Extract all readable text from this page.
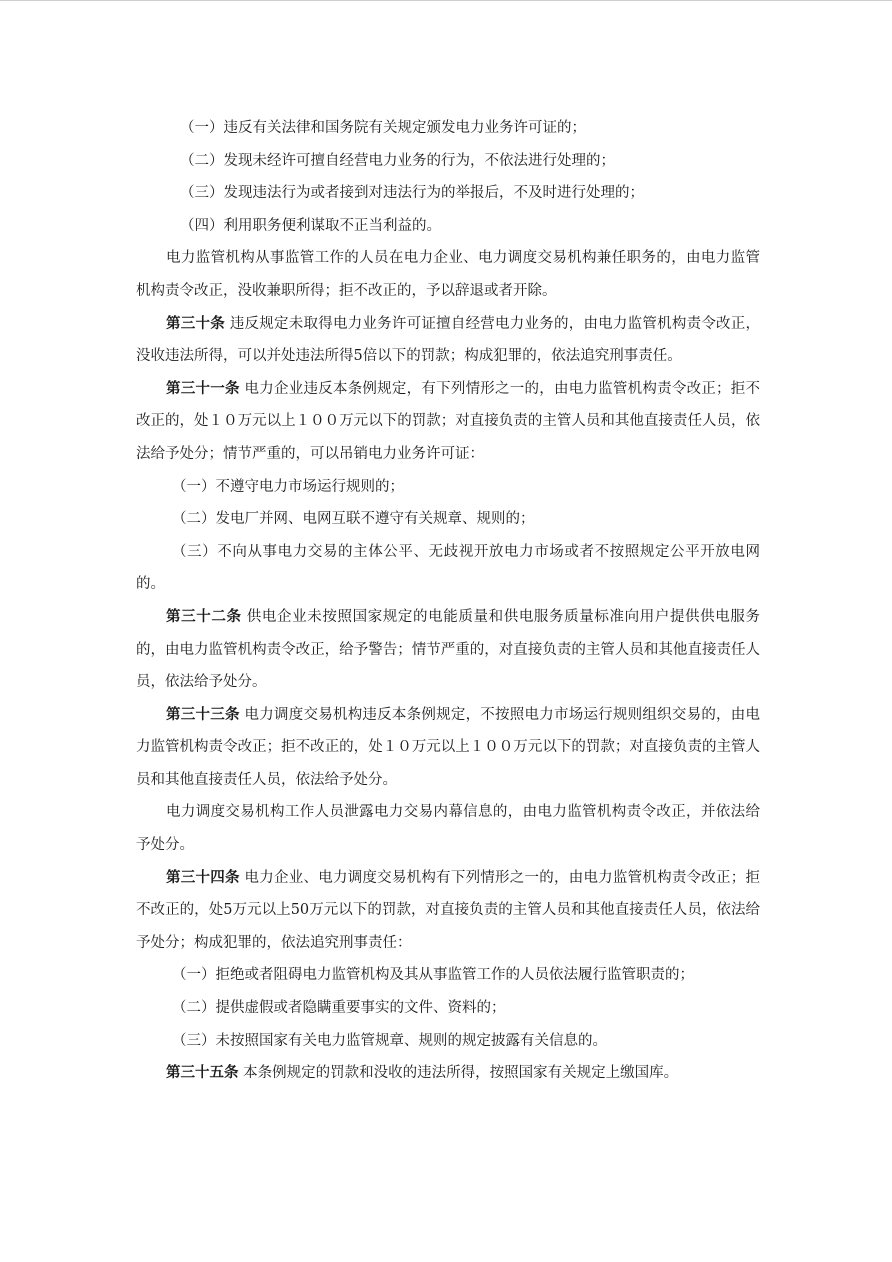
（一）违反有关法律和国务院有关规定颁发电力业务许可证的；

（二）发现未经许可擅自经营电力业务的行为，不依法进行处理的；

（三）发现违法行为或者接到对违法行为的举报后，不及时进行处理的；

（四）利用职务便利谋取不正当利益的。

电力监管机构从事监管工作的人员在电力企业、电力调度交易机构兼任职务的，由电力监管机构责令改正，没收兼职所得；拒不改正的，予以辞退或者开除。

第三十条 违反规定未取得电力业务许可证擅自经营电力业务的，由电力监管机构责令改正，没收违法所得，可以并处违法所得5倍以下的罚款；构成犯罪的，依法追究刑事责任。

第三十一条 电力企业违反本条例规定，有下列情形之一的，由电力监管机构责令改正；拒不改正的，处１０万元以上１００万元以下的罚款；对直接负责的主管人员和其他直接责任人员，依法给予处分；情节严重的，可以吊销电力业务许可证：

（一）不遵守电力市场运行规则的；

（二）发电厂并网、电网互联不遵守有关规章、规则的；

（三）不向从事电力交易的主体公平、无歧视开放电力市场或者不按照规定公平开放电网的。

第三十二条 供电企业未按照国家规定的电能质量和供电服务质量标准向用户提供供电服务的，由电力监管机构责令改正，给予警告；情节严重的，对直接负责的主管人员和其他直接责任人员，依法给予处分。

第三十三条 电力调度交易机构违反本条例规定，不按照电力市场运行规则组织交易的，由电力监管机构责令改正；拒不改正的，处１０万元以上１００万元以下的罚款；对直接负责的主管人员和其他直接责任人员，依法给予处分。

电力调度交易机构工作人员泄露电力交易内幕信息的，由电力监管机构责令改正，并依法给予处分。

第三十四条 电力企业、电力调度交易机构有下列情形之一的，由电力监管机构责令改正；拒不改正的，处5万元以上50万元以下的罚款，对直接负责的主管人员和其他直接责任人员，依法给予处分；构成犯罪的，依法追究刑事责任：

（一）拒绝或者阻碍电力监管机构及其从事监管工作的人员依法履行监管职责的；

（二）提供虚假或者隐瞒重要事实的文件、资料的；

（三）未按照国家有关电力监管规章、规则的规定披露有关信息的。

第三十五条 本条例规定的罚款和没收的违法所得，按照国家有关规定上缴国库。
